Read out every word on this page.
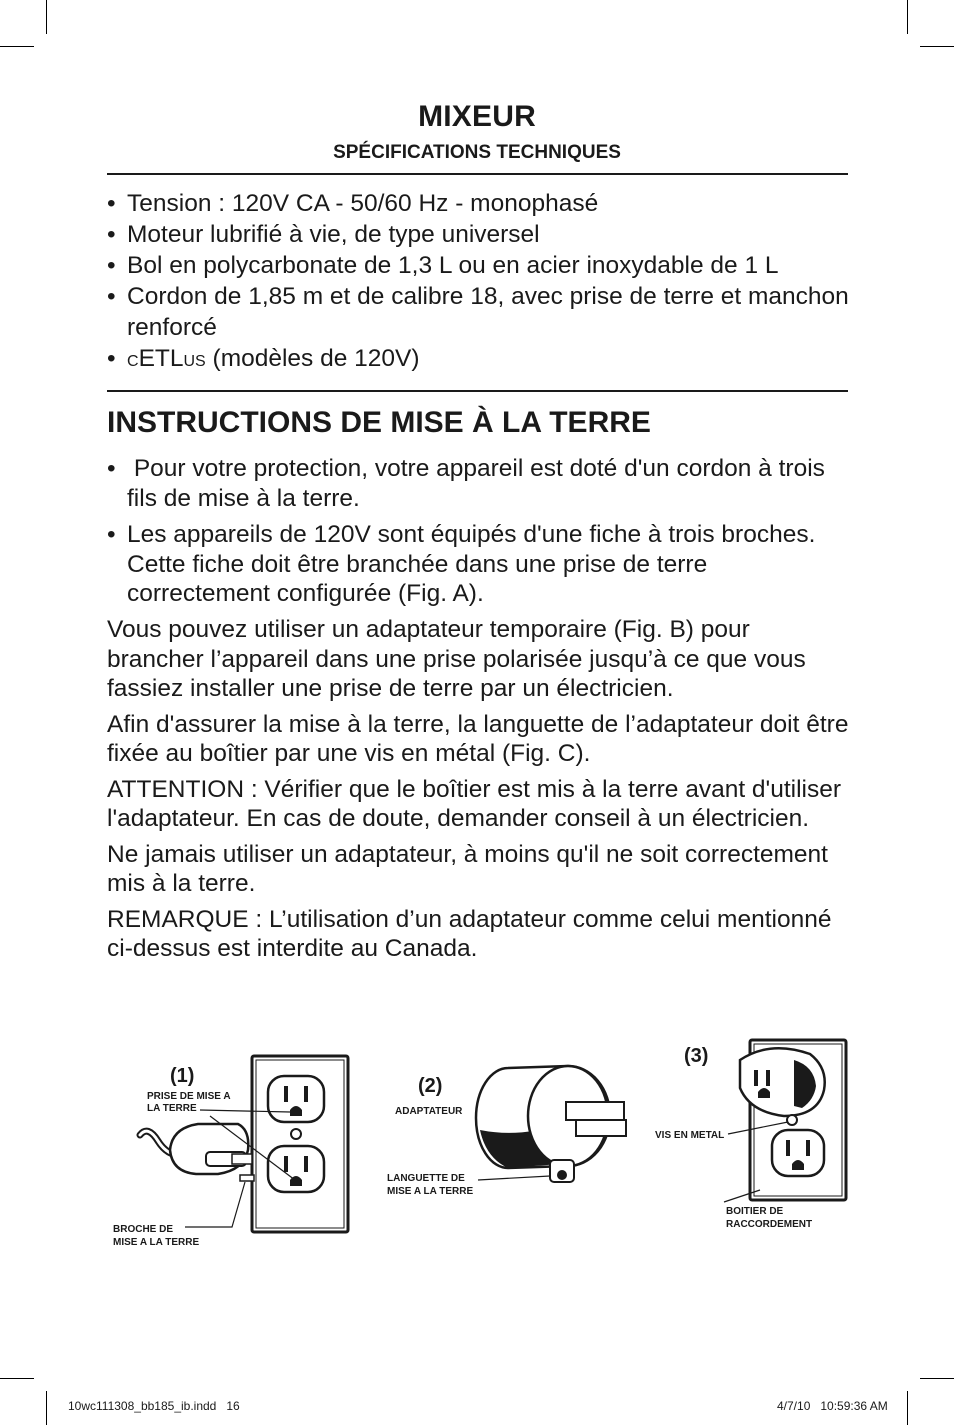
MIXEUR
SPÉCIFICATIONS TECHNIQUES
• Tension : 120V CA - 50/60 Hz - monophasé
• Moteur lubrifié à vie, de type universel
• Bol en polycarbonate de 1,3 L ou en acier inoxydable de 1 L
• Cordon de 1,85 m et de calibre 18, avec prise de terre et manchon renforcé
• CETLUS (modèles de 120V)
INSTRUCTIONS DE MISE À LA TERRE
•  Pour votre protection, votre appareil est doté d'un cordon à trois fils de mise à la terre.
• Les appareils de 120V sont équipés d'une fiche à trois broches. Cette fiche doit être branchée dans une prise de terre correctement configurée (Fig. A).

Vous pouvez utiliser un adaptateur temporaire (Fig. B) pour brancher l’appareil dans une prise polarisée jusqu’à ce que vous fassiez installer une prise de terre par un électricien.

Afin d'assurer la mise à la terre, la languette de l’adaptateur doit être fixée au boîtier par une vis en métal (Fig. C).

ATTENTION : Vérifier que le boîtier est mis à la terre avant d'utiliser l'adaptateur. En cas de doute, demander conseil à un électricien.

Ne jamais utiliser un adaptateur, à moins qu'il ne soit correctement mis à la terre.

REMARQUE : L’utilisation d’un adaptateur comme celui mentionné ci-dessus est interdite au Canada.

(1)
PRISE DE MISE A
LA TERRE
BROCHE DE
MISE A LA TERRE
(2)
ADAPTATEUR
LANGUETTE DE
MISE A LA TERRE
(3)
VIS EN METAL
BOITIER DE
RACCORDEMENT
10wc111308_bb185_ib.indd   16	4/7/10   10:59:36 AM
